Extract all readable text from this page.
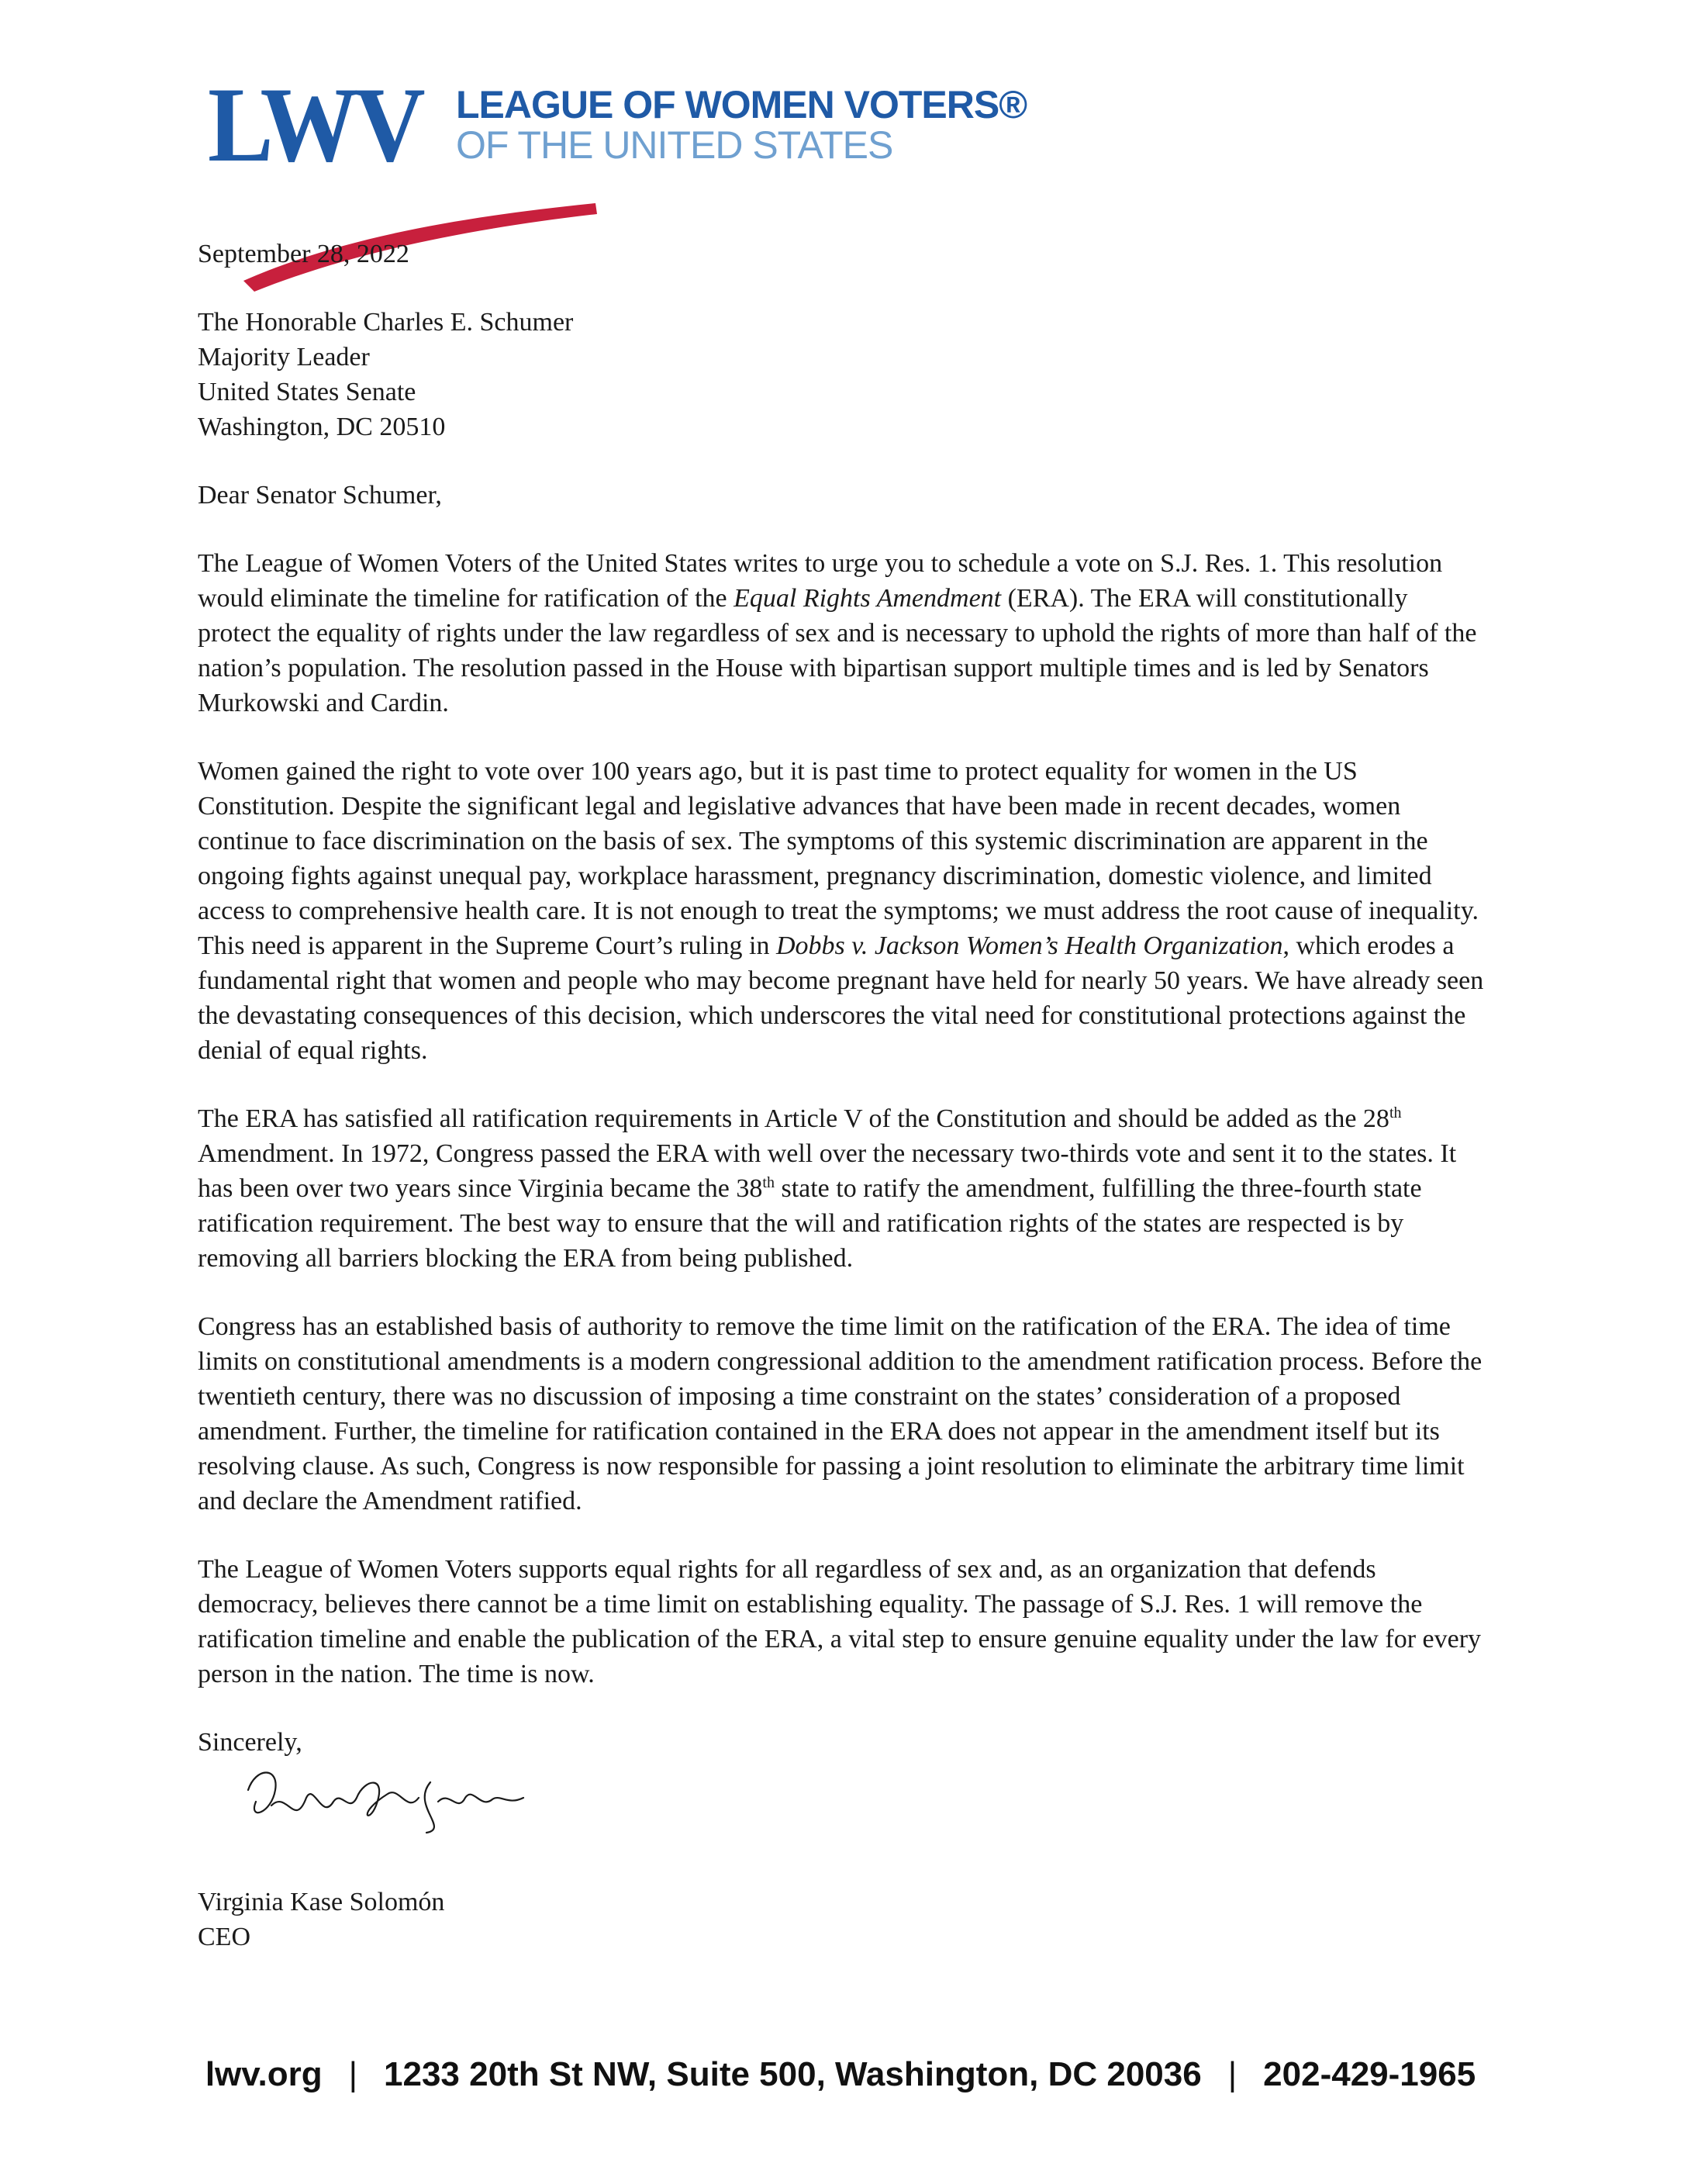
LWV LEAGUE OF WOMEN VOTERS®
OF THE UNITED STATES

September 28, 2022

The Honorable Charles E. Schumer
Majority Leader
United States Senate
Washington, DC 20510

Dear Senator Schumer,

The League of Women Voters of the United States writes to urge you to schedule a vote on S.J. Res. 1. This resolution would eliminate the timeline for ratification of the Equal Rights Amendment (ERA). The ERA will constitutionally protect the equality of rights under the law regardless of sex and is necessary to uphold the rights of more than half of the nation’s population. The resolution passed in the House with bipartisan support multiple times and is led by Senators Murkowski and Cardin.

Women gained the right to vote over 100 years ago, but it is past time to protect equality for women in the US Constitution. Despite the significant legal and legislative advances that have been made in recent decades, women continue to face discrimination on the basis of sex. The symptoms of this systemic discrimination are apparent in the ongoing fights against unequal pay, workplace harassment, pregnancy discrimination, domestic violence, and limited access to comprehensive health care. It is not enough to treat the symptoms; we must address the root cause of inequality. This need is apparent in the Supreme Court’s ruling in Dobbs v. Jackson Women’s Health Organization, which erodes a fundamental right that women and people who may become pregnant have held for nearly 50 years. We have already seen the devastating consequences of this decision, which underscores the vital need for constitutional protections against the denial of equal rights.

The ERA has satisfied all ratification requirements in Article V of the Constitution and should be added as the 28th Amendment. In 1972, Congress passed the ERA with well over the necessary two-thirds vote and sent it to the states. It has been over two years since Virginia became the 38th state to ratify the amendment, fulfilling the three-fourth state ratification requirement. The best way to ensure that the will and ratification rights of the states are respected is by removing all barriers blocking the ERA from being published.

Congress has an established basis of authority to remove the time limit on the ratification of the ERA. The idea of time limits on constitutional amendments is a modern congressional addition to the amendment ratification process. Before the twentieth century, there was no discussion of imposing a time constraint on the states’ consideration of a proposed amendment. Further, the timeline for ratification contained in the ERA does not appear in the amendment itself but its resolving clause. As such, Congress is now responsible for passing a joint resolution to eliminate the arbitrary time limit and declare the Amendment ratified.

The League of Women Voters supports equal rights for all regardless of sex and, as an organization that defends democracy, believes there cannot be a time limit on establishing equality. The passage of S.J. Res. 1 will remove the ratification timeline and enable the publication of the ERA, a vital step to ensure genuine equality under the law for every person in the nation. The time is now.

Sincerely,

Virginia Kase Solomón
CEO
lwv.org | 1233 20th St NW, Suite 500, Washington, DC 20036 | 202-429-1965
